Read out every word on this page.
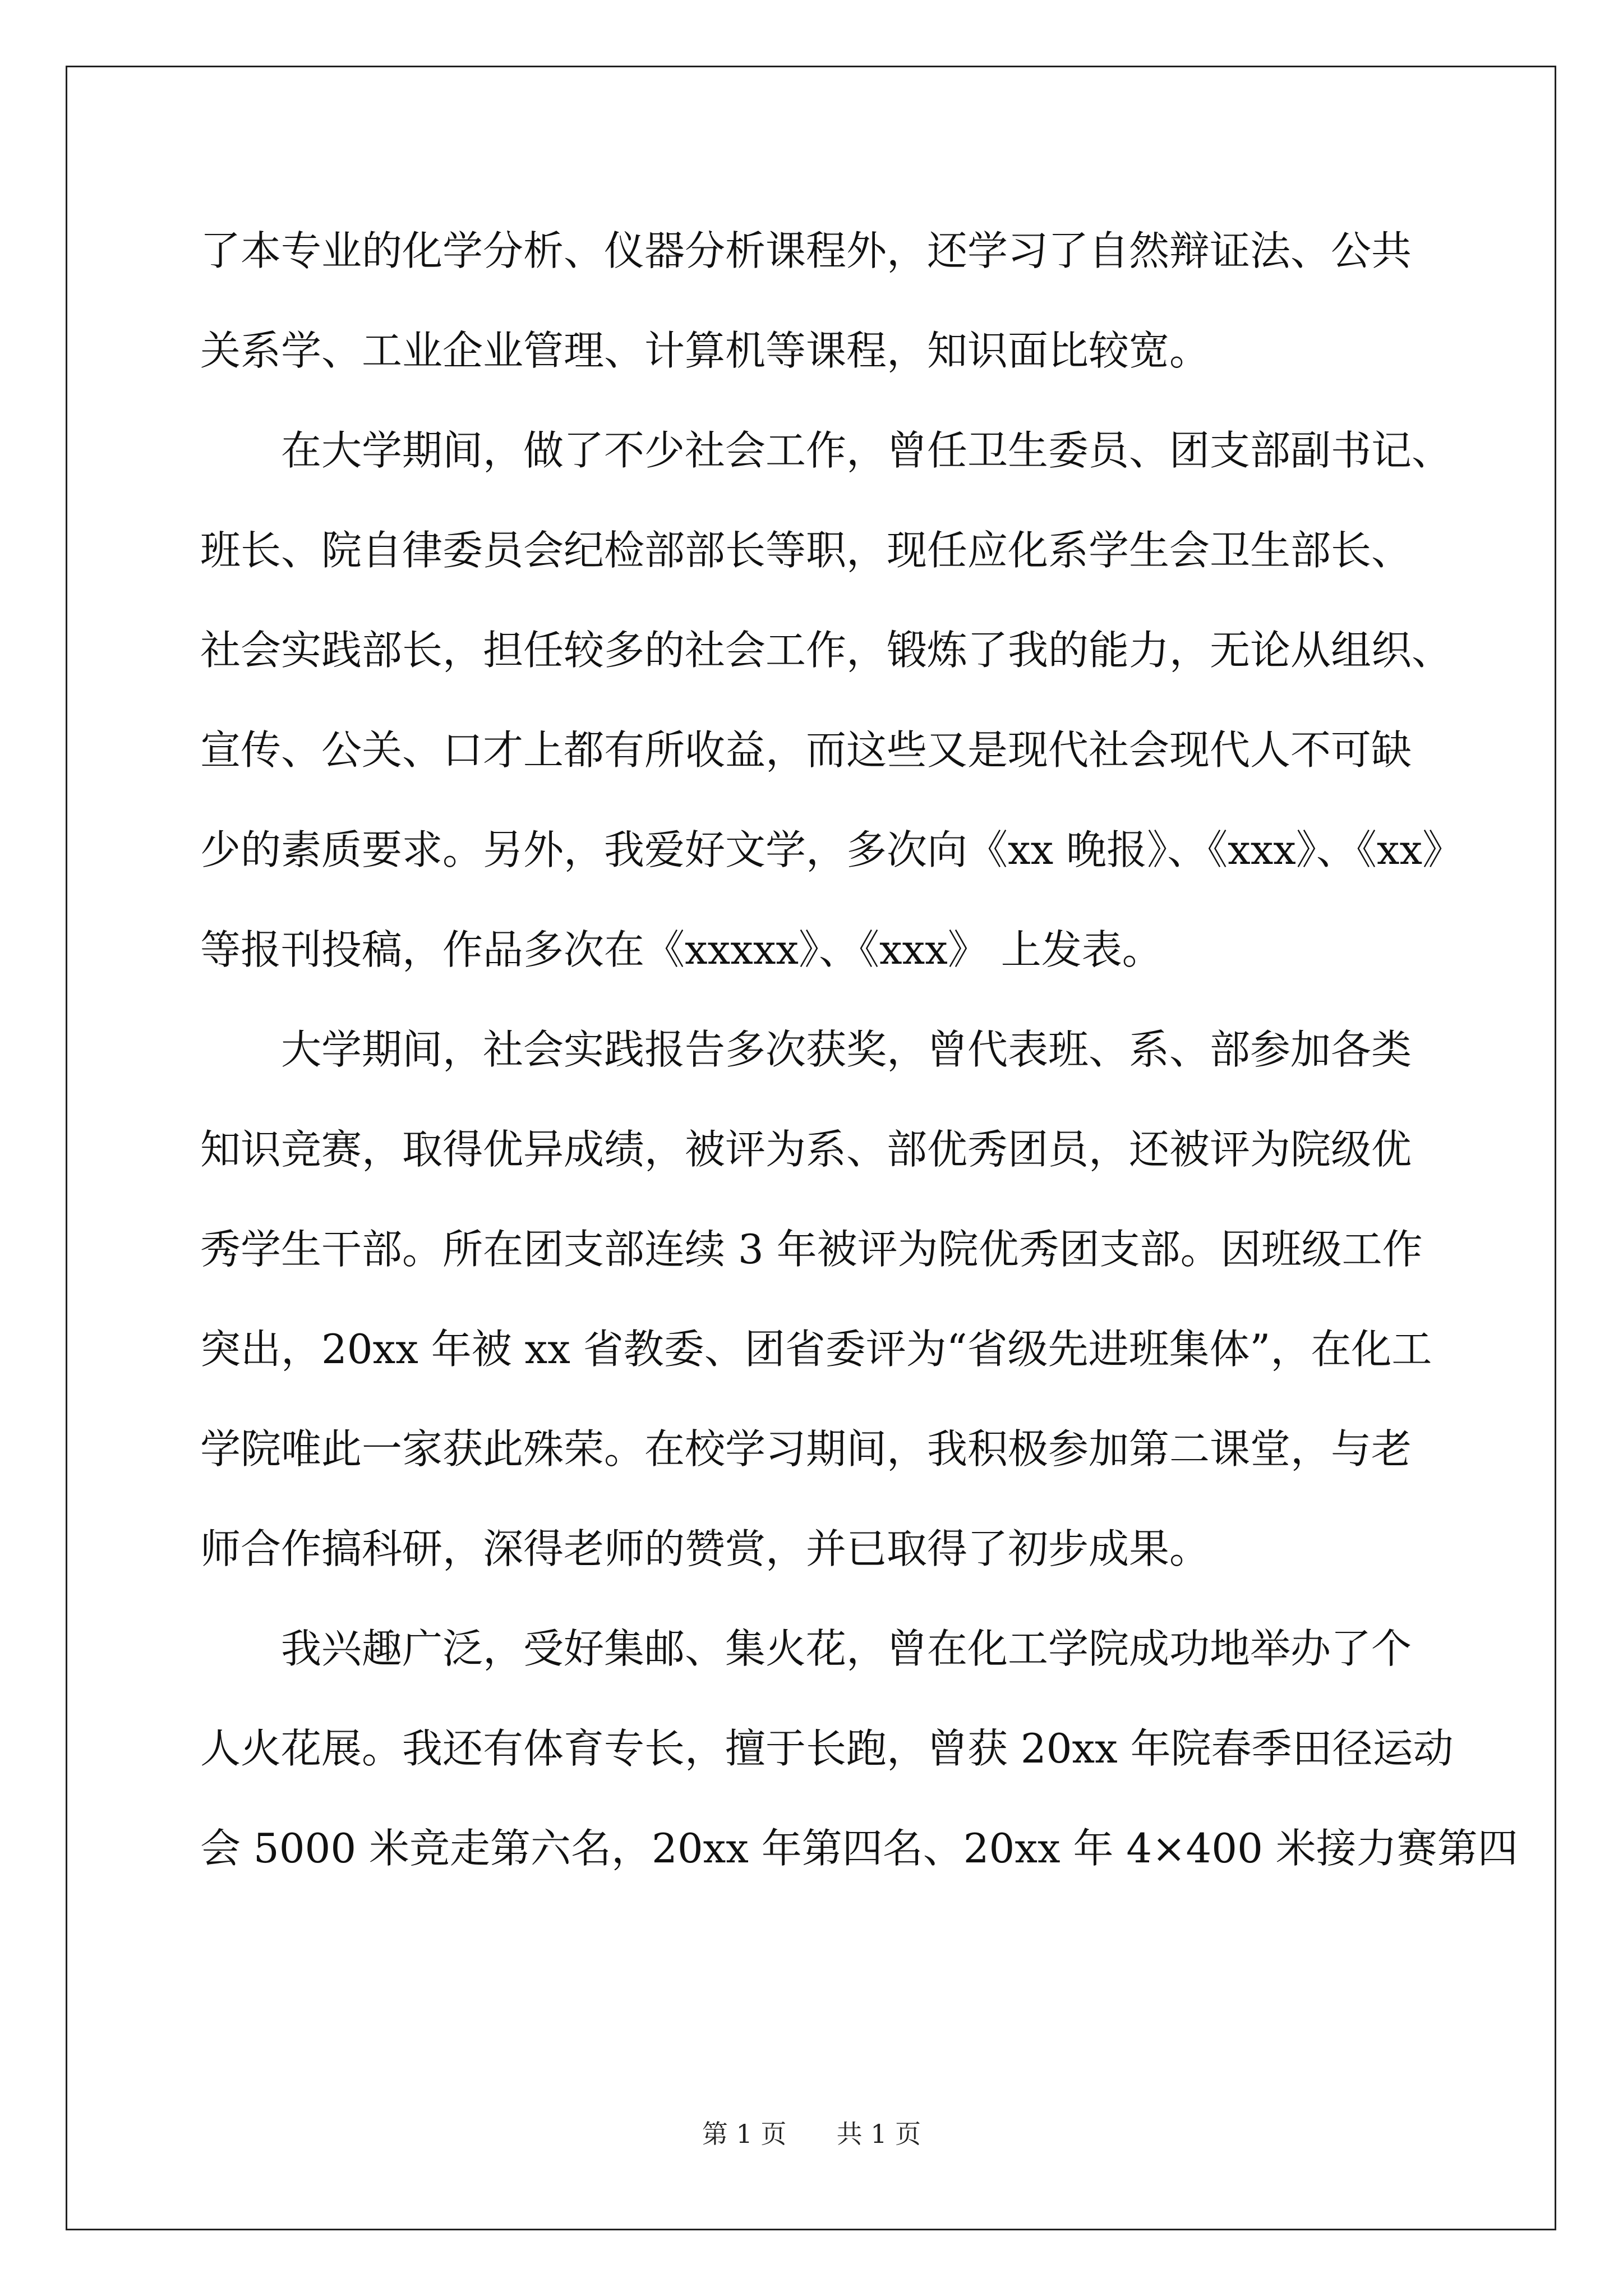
了本专业的化学分析、仪器分析课程外，还学习了自然辩证法、公共
关系学、工业企业管理、计算机等课程，知识面比较宽。
在大学期间，做了不少社会工作，曾任卫生委员、团支部副书记、
班长、院自律委员会纪检部部长等职，现任应化系学生会卫生部长、
社会实践部长，担任较多的社会工作，锻炼了我的能力，无论从组织、
宣传、公关、口才上都有所收益，而这些又是现代社会现代人不可缺
少的素质要求。另外，我爱好文学，多次向《xx 晚报》、《xxx》、《xx》
等报刊投稿，作品多次在《xxxxx》、《xxx》 上发表。
大学期间，社会实践报告多次获奖，曾代表班、系、部参加各类
知识竞赛，取得优异成绩，被评为系、部优秀团员，还被评为院级优
秀学生干部。所在团支部连续 3 年被评为院优秀团支部。因班级工作
突出，20xx 年被 xx 省教委、团省委评为“省级先进班集体”，在化工
学院唯此一家获此殊荣。在校学习期间，我积极参加第二课堂，与老
师合作搞科研，深得老师的赞赏，并已取得了初步成果。
我兴趣广泛，受好集邮、集火花，曾在化工学院成功地举办了个
人火花展。我还有体育专长，擅于长跑，曾获 20xx 年院春季田径运动
会 5000 米竞走第六名，20xx 年第四名、20xx 年 4×400 米接力赛第四
第 1 页 共 1 页
